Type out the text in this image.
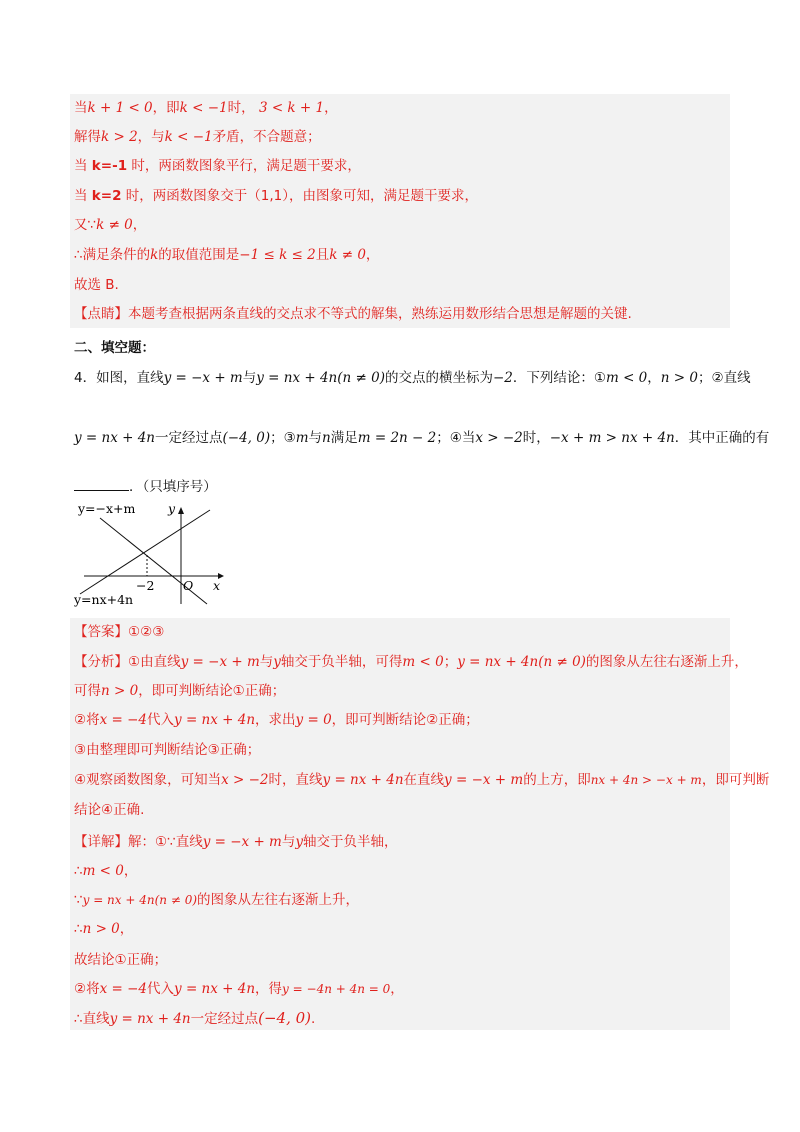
当k + 1 < 0，即k < −1时， 3 < k + 1，
解得k > 2，与k < −1矛盾，不合题意；
当 k=-1 时，两函数图象平行，满足题干要求，
当 k=2 时，两函数图象交于（1,1），由图象可知，满足题干要求，
又∵k ≠ 0，
∴满足条件的k的取值范围是−1 ≤ k ≤ 2且k ≠ 0，
故选 B.
【点睛】本题考查根据两条直线的交点求不等式的解集，熟练运用数形结合思想是解题的关键.
二、填空题：
4．如图，直线y = −x + m与y = nx + 4n(n ≠ 0)的交点的横坐标为−2．下列结论：①m < 0，n > 0；②直线
y = nx + 4n一定经过点(−4, 0)；③m与n满足m = 2n − 2；④当x > −2时，−x + m > nx + 4n．其中正确的有
．（只填序号）
y=−x+m
y=nx+4n
y
x
O
−2
【答案】①②③
【分析】①由直线y = −x + m与y轴交于负半轴，可得m < 0；y = nx + 4n(n ≠ 0)的图象从左往右逐渐上升，
可得n > 0，即可判断结论①正确；
②将x = −4代入y = nx + 4n，求出y = 0，即可判断结论②正确；
③由整理即可判断结论③正确；
④观察函数图象，可知当x > −2时，直线y = nx + 4n在直线y = −x + m的上方，即nx + 4n > −x + m，即可判断
结论④正确.
【详解】解：①∵直线y = −x + m与y轴交于负半轴，
∴m < 0，
∵y = nx + 4n(n ≠ 0)的图象从左往右逐渐上升，
∴n > 0，
故结论①正确；
②将x = −4代入y = nx + 4n，得y = −4n + 4n = 0，
∴直线y = nx + 4n一定经过点(−4, 0).
